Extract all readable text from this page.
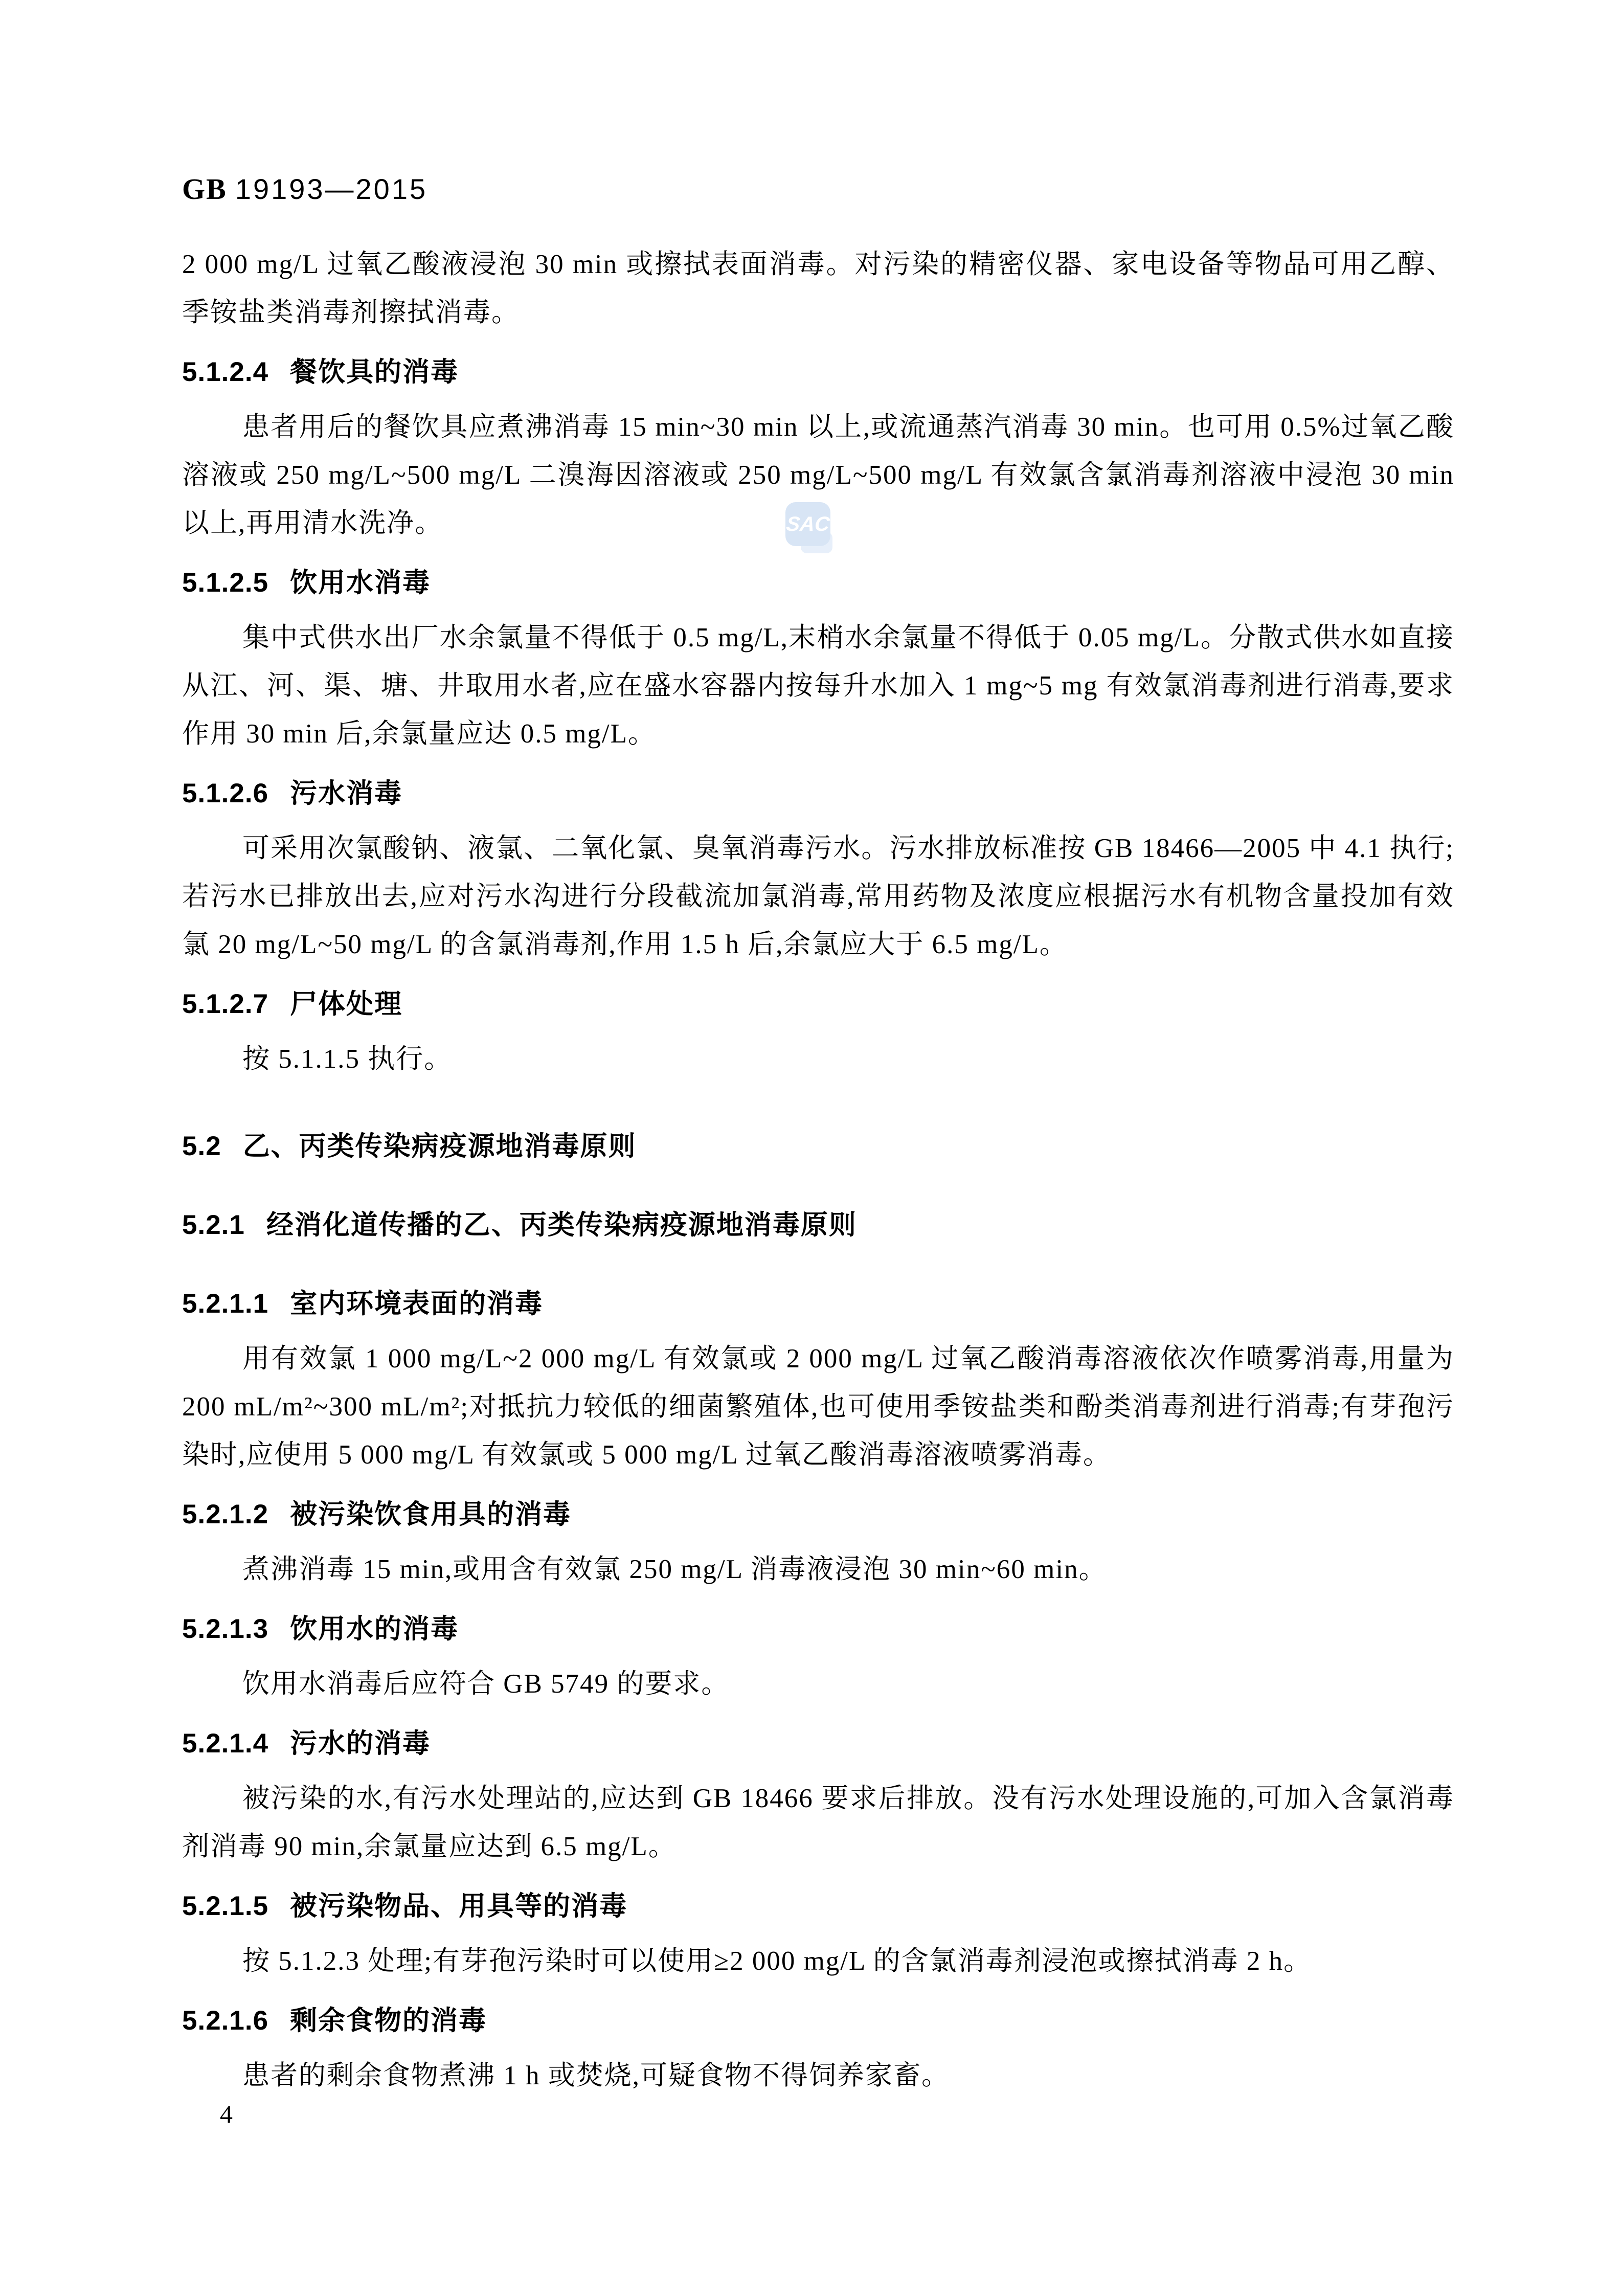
GB 19193—2015
SAC

2 000 mg/L 过氧乙酸液浸泡 30 min 或擦拭表面消毒。对污染的精密仪器、家电设备等物品可用乙醇、季铵盐类消毒剂擦拭消毒。

5.1.2.4 餐饮具的消毒

患者用后的餐饮具应煮沸消毒 15 min~30 min 以上,或流通蒸汽消毒 30 min。也可用 0.5%过氧乙酸溶液或 250 mg/L~500 mg/L 二溴海因溶液或 250 mg/L~500 mg/L 有效氯含氯消毒剂溶液中浸泡 30 min 以上,再用清水洗净。

5.1.2.5 饮用水消毒

集中式供水出厂水余氯量不得低于 0.5 mg/L,末梢水余氯量不得低于 0.05 mg/L。分散式供水如直接从江、河、渠、塘、井取用水者,应在盛水容器内按每升水加入 1 mg~5 mg 有效氯消毒剂进行消毒,要求作用 30 min 后,余氯量应达 0.5 mg/L。

5.1.2.6 污水消毒

可采用次氯酸钠、液氯、二氧化氯、臭氧消毒污水。污水排放标准按 GB 18466—2005 中 4.1 执行;若污水已排放出去,应对污水沟进行分段截流加氯消毒,常用药物及浓度应根据污水有机物含量投加有效氯 20 mg/L~50 mg/L 的含氯消毒剂,作用 1.5 h 后,余氯应大于 6.5 mg/L。

5.1.2.7 尸体处理

按 5.1.1.5 执行。

5.2 乙、丙类传染病疫源地消毒原则
5.2.1 经消化道传播的乙、丙类传染病疫源地消毒原则
5.2.1.1 室内环境表面的消毒

用有效氯 1 000 mg/L~2 000 mg/L 有效氯或 2 000 mg/L 过氧乙酸消毒溶液依次作喷雾消毒,用量为 200 mL/m²~300 mL/m²;对抵抗力较低的细菌繁殖体,也可使用季铵盐类和酚类消毒剂进行消毒;有芽孢污染时,应使用 5 000 mg/L 有效氯或 5 000 mg/L 过氧乙酸消毒溶液喷雾消毒。

5.2.1.2 被污染饮食用具的消毒

煮沸消毒 15 min,或用含有效氯 250 mg/L 消毒液浸泡 30 min~60 min。

5.2.1.3 饮用水的消毒

饮用水消毒后应符合 GB 5749 的要求。

5.2.1.4 污水的消毒

被污染的水,有污水处理站的,应达到 GB 18466 要求后排放。没有污水处理设施的,可加入含氯消毒剂消毒 90 min,余氯量应达到 6.5 mg/L。

5.2.1.5 被污染物品、用具等的消毒

按 5.1.2.3 处理;有芽孢污染时可以使用≥2 000 mg/L 的含氯消毒剂浸泡或擦拭消毒 2 h。

5.2.1.6 剩余食物的消毒

患者的剩余食物煮沸 1 h 或焚烧,可疑食物不得饲养家畜。

4
